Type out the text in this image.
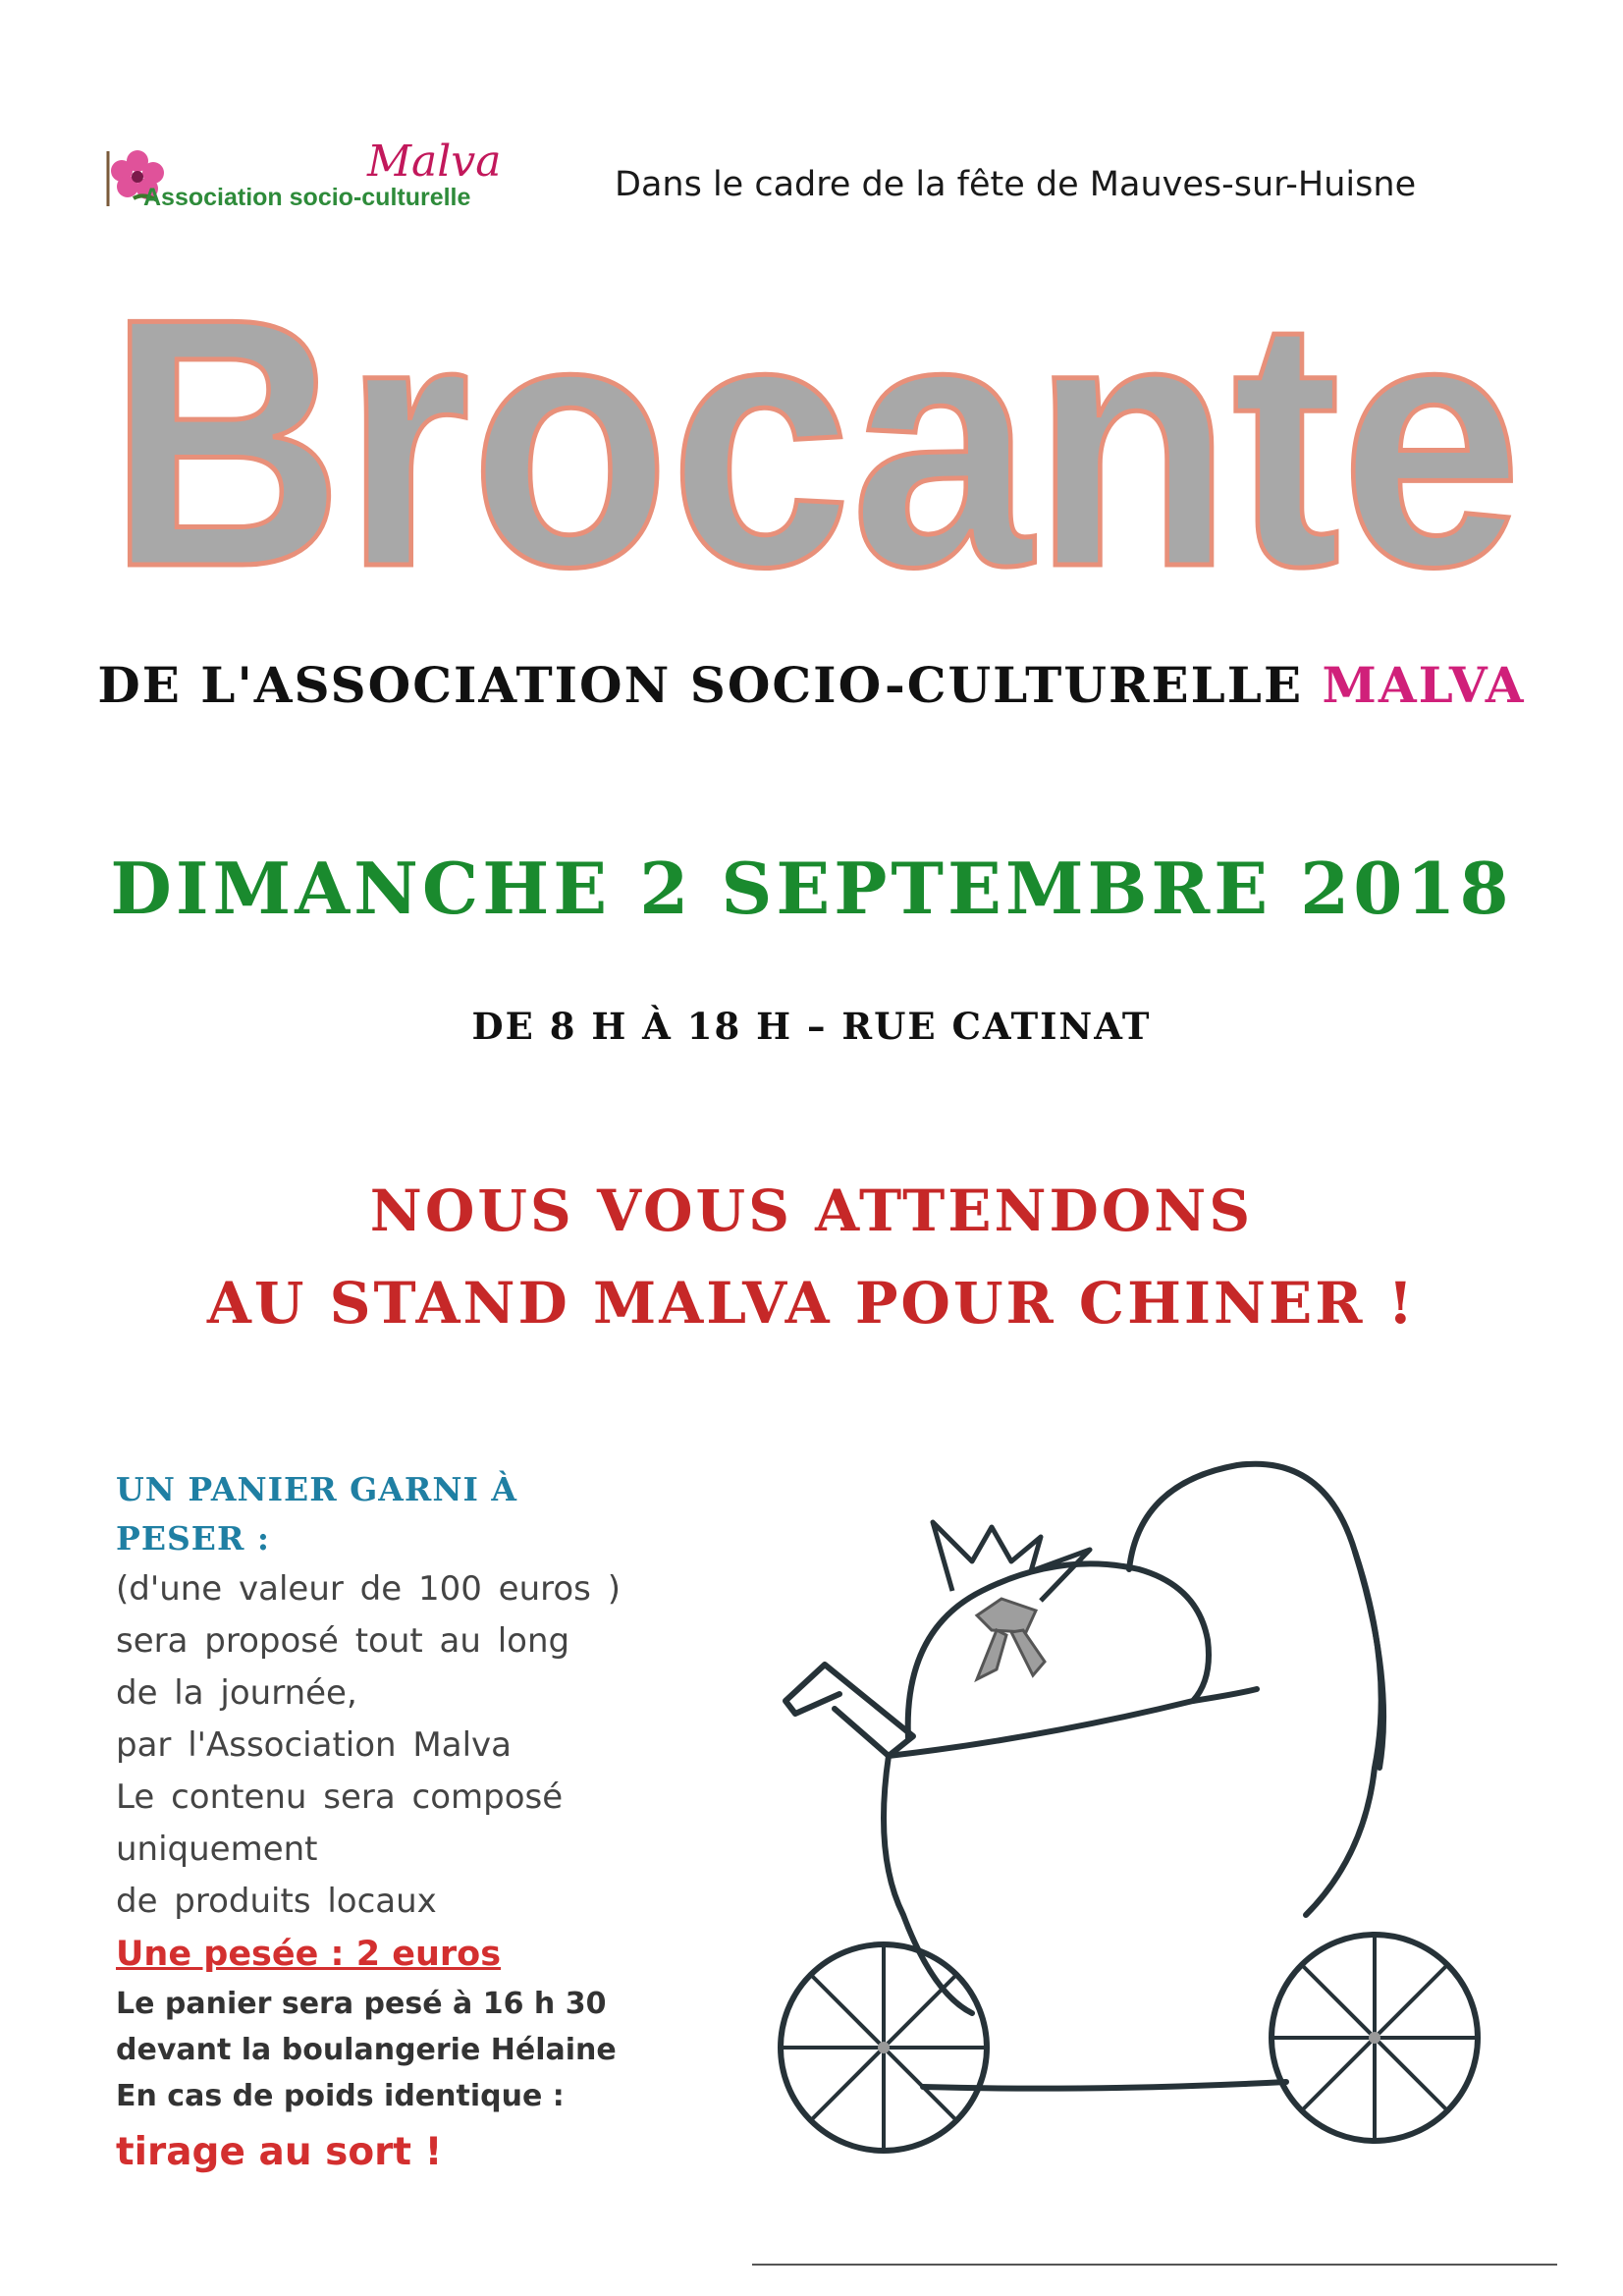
Malva
Association socio-culturelle	Dans le cadre de la fête de Mauves-sur-Huisne
Brocante
DE L'ASSOCIATION SOCIO-CULTURELLE MALVA
DIMANCHE 2 SEPTEMBRE 2018
DE 8 H À 18 H – RUE CATINAT
NOUS VOUS ATTENDONS
AU STAND MALVA POUR CHINER !
UN PANIER GARNI À
PESER :
(d'une valeur de 100 euros )
sera proposé tout au long
de la journée,
par l'Association Malva
Le contenu sera composé
uniquement
de produits locaux
Une pesée : 2 euros
Le panier sera pesé à 16 h 30
devant la boulangerie Hélaine
En cas de poids identique :
tirage au sort !
